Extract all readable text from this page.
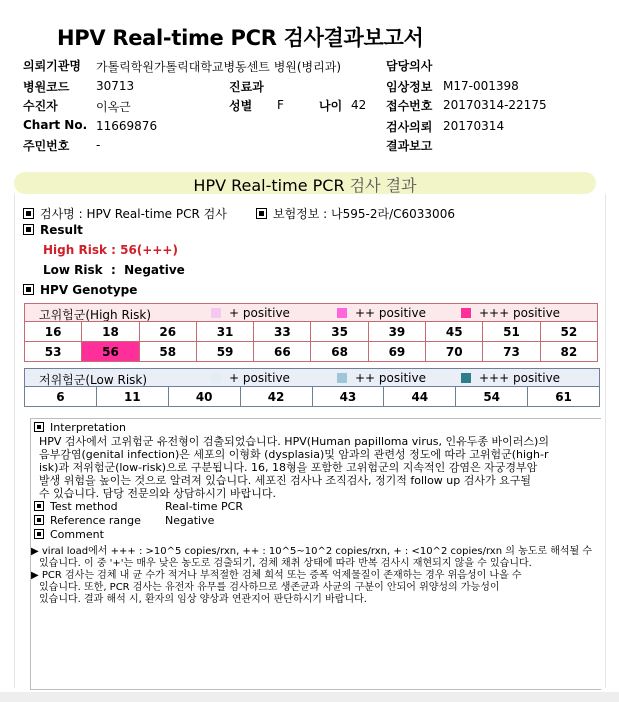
HPV Real-time PCR 검사결과보고서
의뢰기관명 가톨릭학원가톨릭대학교병동센트 병원(병리과)	담당의사
병원코드 30713	진료과	임상정보 M17-001398
수진자	이옥근	성별 F	나이 42 접수번호 20170314-22175
Chart No. 11669876	검사의뢰 20170314
주민번호 -	결과보고
HPV Real-time PCR 검사 결과
검사명 : HPV Real-time PCR 검사	보험정보 : 나595-2라/C6033006
Result
High Risk : 56(+++)
Low Risk  :  Negative
HPV Genotype
고위험군(High Risk)	+ positive	++ positive	+++ positive
16	18	26	31	33	35	39	45	51	52
53	56	58	59	66	68	69	70	73	82
저위험군(Low Risk)	+ positive	++ positive	+++ positive
6	11	40	42	43	44	54	61
Interpretation
HPV 검사에서 고위험군 유전형이 검출되었습니다. HPV(Human papilloma virus, 인유두종 바이러스)의
음부감염(genital infection)은 세포의 이형화 (dysplasia)및 암과의 관련성 정도에 따라 고위험군(high-r
isk)과 저위험군(low-risk)으로 구분됩니다. 16, 18형을 포함한 고위험군의 지속적인 감염은 자궁경부암
발생 위험을 높이는 것으로 알려져 있습니다. 세포진 검사나 조직검사, 정기적 follow up 검사가 요구될
수 있습니다. 담당 전문의와 상담하시기 바랍니다.
Test method	Real-time PCR
Reference range Negative
Comment
▶ viral load에서 +++ : >10^5 copies/rxn, ++ : 10^5~10^2 copies/rxn, + : <10^2 copies/rxn 의 농도로 해석될 수
있습니다. 이 중 '+'는 매우 낮은 농도로 검출되기, 검체 채취 상태에 따라 반복 검사시 재현되지 않을 수 있습니다.
▶ PCR 검사는 검체 내 균 수가 적거나 부적절한 검체 희석 또는 증폭 억제물질이 존재하는 경우 위음성이 나올 수
있습니다. 또한, PCR 검사는 유전자 유무를 검사하므로 생존균과 사균의 구분이 안되어 위양성의 가능성이
있습니다. 결과 해석 시, 환자의 임상 양상과 연관지어 판단하시기 바랍니다.
